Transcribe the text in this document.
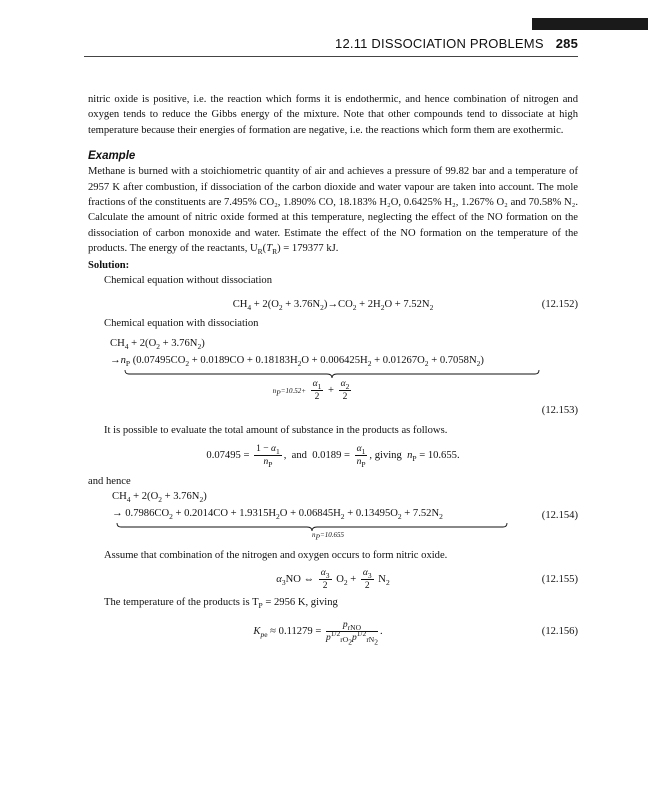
12.11 DISSOCIATION PROBLEMS 285

nitric oxide is positive, i.e. the reaction which forms it is endothermic, and hence combination of nitrogen and oxygen tends to reduce the Gibbs energy of the mixture. Note that other compounds tend to dissociate at high temperature because their energies of formation are negative, i.e. the reactions which form them are exothermic.

Example

Methane is burned with a stoichiometric quantity of air and achieves a pressure of 99.82 bar and a temperature of 2957 K after combustion, if dissociation of the carbon dioxide and water vapour are taken into account. The mole fractions of the constituents are 7.495% CO₂, 1.890% CO, 18.183% H₂O, 0.6425% H₂, 1.267% O₂ and 70.58% N₂. Calculate the amount of nitric oxide formed at this temperature, neglecting the effect of the NO formation on the dissociation of carbon monoxide and water. Estimate the effect of the NO formation on the temperature of the products. The energy of the reactants, $U_R(T_R) = 179377$ kJ.

Solution:
Chemical equation without dissociation
$CH_4 + 2(O_2 + 3.76N_2)\to CO_2 + 2H_2O + 7.52N_2$	(12.152)
Chemical equation with dissociation
$CH_4 + 2(O_2 + 3.76N_2)$
$\to n_P$ $(0.07495CO_2 + 0.0189CO + 0.18183H_2O + 0.006425H_2 + 0.01267O_2 + 0.7058N_2)$
$n_P=10.52+ \frac{\alpha_1}{2} + \frac{\alpha_2}{2}$
(12.153)
It is possible to evaluate the total amount of substance in the products as follows.
$0.07495 = \frac{1 - \alpha_1}{n_P}$ ,  and  $0.0189 = \frac{\alpha_1}{n_P}$ , giving  $n_P = 10.655$.
and hence
$CH_4 + 2(O_2 + 3.76N_2)$
→ $0.7986CO_2 + 0.2014CO + 1.9315H_2O + 0.06845H_2 + 0.13495O_2 + 7.52N_2$	(12.154)
$n_P=10.655$
Assume that combination of the nitrogen and oxygen occurs to form nitric oxide.
$\alpha_3NO$ ⇔ $\frac{\alpha_3}{2} O_2 + \frac{\alpha_3}{2} N_2$	(12.155)
The temperature of the products is $T_P = 2956$ K, giving
$K_{pe} \approx 0.11279 = \frac{p_{rNO}}{p^{1/2}_{rO_2}p^{1/2}_{rN_2}}$ .	(12.156)
